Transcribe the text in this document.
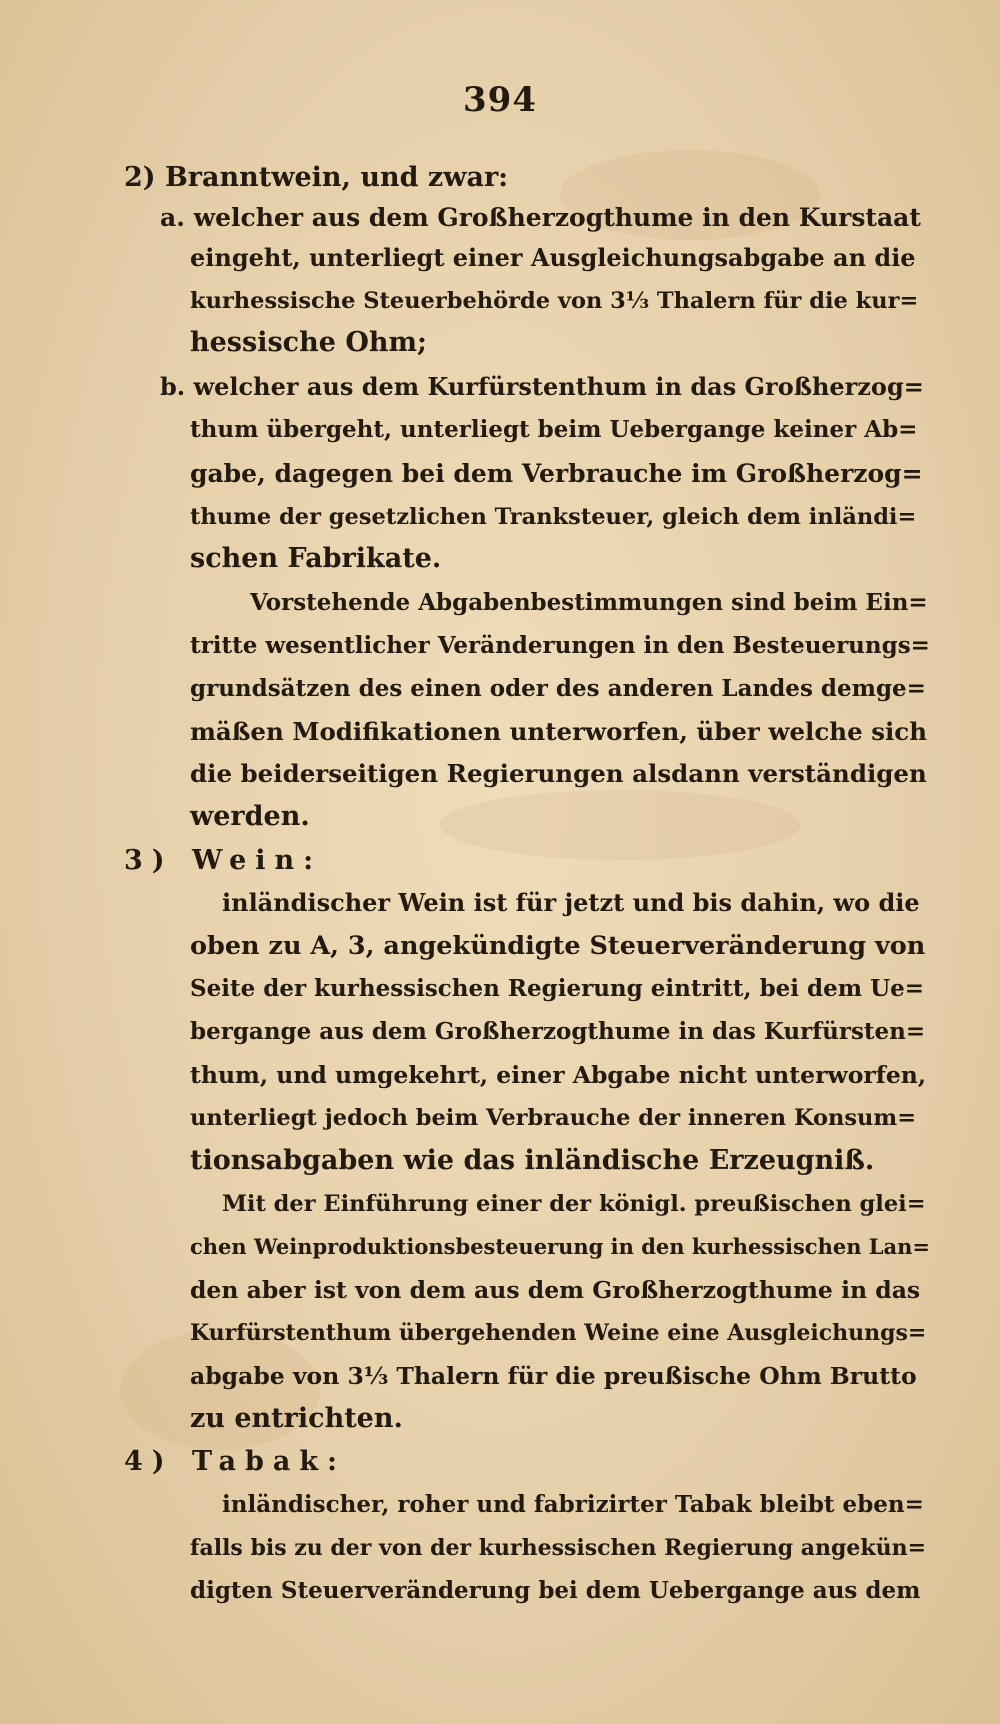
394
2) Branntwein, und zwar:
a. welcher aus dem Großherzogthume in den Kurstaat
eingeht, unterliegt einer Ausgleichungsabgabe an die
kurhessische Steuerbehörde von 3⅓ Thalern für die kur=
hessische Ohm;
b. welcher aus dem Kurfürstenthum in das Großherzog=
thum übergeht, unterliegt beim Uebergange keiner Ab=
gabe, dagegen bei dem Verbrauche im Großherzog=
thume der gesetzlichen Tranksteuer, gleich dem inländi=
schen Fabrikate.
Vorstehende Abgabenbestimmungen sind beim Ein=
tritte wesentlicher Veränderungen in den Besteuerungs=
grundsätzen des einen oder des anderen Landes demge=
mäßen Modifikationen unterworfen, über welche sich
die beiderseitigen Regierungen alsdann verständigen
werden.
3) Wein:
inländischer Wein ist für jetzt und bis dahin, wo die
oben zu A, 3, angekündigte Steuerveränderung von
Seite der kurhessischen Regierung eintritt, bei dem Ue=
bergange aus dem Großherzogthume in das Kurfürsten=
thum, und umgekehrt, einer Abgabe nicht unterworfen,
unterliegt jedoch beim Verbrauche der inneren Konsum=
tionsabgaben wie das inländische Erzeugniß.
Mit der Einführung einer der königl. preußischen glei=
chen Weinproduktionsbesteuerung in den kurhessischen Lan=
den aber ist von dem aus dem Großherzogthume in das
Kurfürstenthum übergehenden Weine eine Ausgleichungs=
abgabe von 3⅓ Thalern für die preußische Ohm Brutto
zu entrichten.
4) Tabak:
inländischer, roher und fabrizirter Tabak bleibt eben=
falls bis zu der von der kurhessischen Regierung angekün=
digten Steuerveränderung bei dem Uebergange aus dem
